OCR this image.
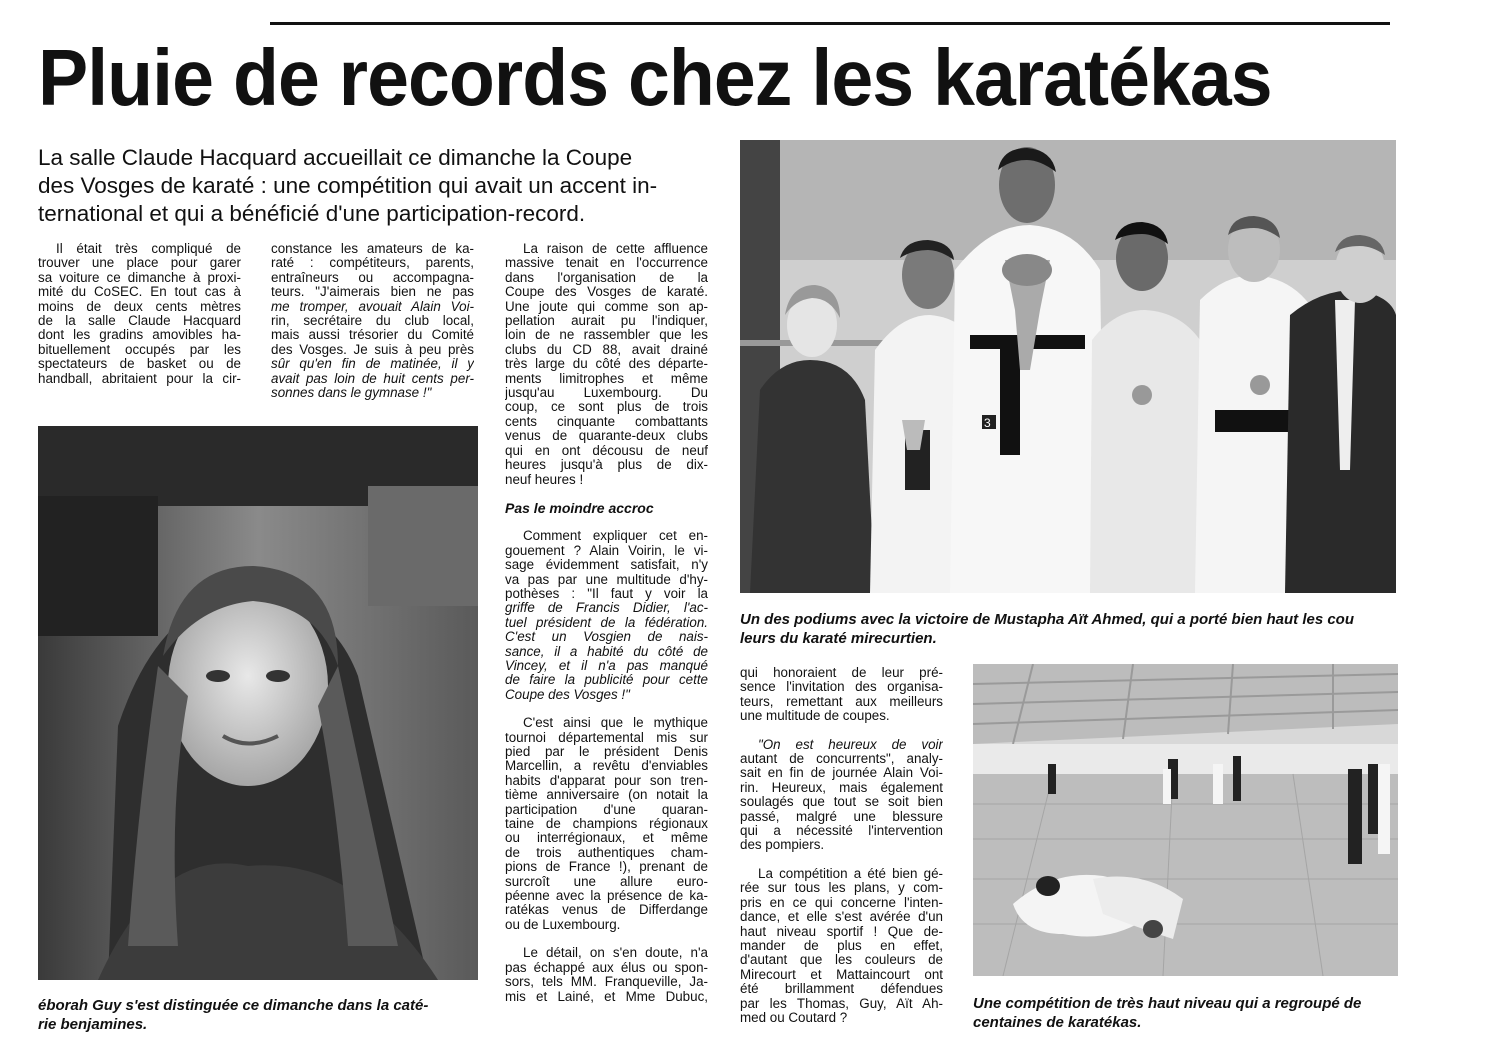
Pluie de records chez les karatékas
La salle Claude Hacquard accueillait ce dimanche la Coupe
des Vosges de karaté : une compétition qui avait un accent in-
ternational et qui a bénéficié d'une participation-record.
Il était très compliqué de
trouver une place pour garer
sa voiture ce dimanche à proxi-
mité du CoSEC. En tout cas à
moins de deux cents mètres
de la salle Claude Hacquard
dont les gradins amovibles ha-
bituellement occupés par les
spectateurs de basket ou de
handball, abritaient pour la cir-
constance les amateurs de ka-
raté : compétiteurs, parents,
entraîneurs ou accompagna-
teurs. "J'aimerais bien ne pas
me tromper, avouait Alain Voi-
rin, secrétaire du club local,
mais aussi trésorier du Comité
des Vosges. Je suis à peu près
sûr qu'en fin de matinée, il y
avait pas loin de huit cents per-
sonnes dans le gymnase !"
éborah Guy s'est distinguée ce dimanche dans la caté-
rie benjamines.
La raison de cette affluence
massive tenait en l'occurrence
dans l'organisation de la
Coupe des Vosges de karaté.
Une joute qui comme son ap-
pellation aurait pu l'indiquer,
loin de ne rassembler que les
clubs du CD 88, avait drainé
très large du côté des départe-
ments limitrophes et même
jusqu'au Luxembourg. Du
coup, ce sont plus de trois
cents cinquante combattants
venus de quarante-deux clubs
qui en ont décousu de neuf
heures jusqu'à plus de dix-
neuf heures !
Pas le moindre accroc
Comment expliquer cet en-
gouement ? Alain Voirin, le vi-
sage évidemment satisfait, n'y
va pas par une multitude d'hy-
pothèses : "Il faut y voir la
griffe de Francis Didier, l'ac-
tuel président de la fédération.
C'est un Vosgien de nais-
sance, il a habité du côté de
Vincey, et il n'a pas manqué
de faire la publicité pour cette
Coupe des Vosges !"
C'est ainsi que le mythique
tournoi départemental mis sur
pied par le président Denis
Marcellin, a revêtu d'enviables
habits d'apparat pour son tren-
tième anniversaire (on notait la
participation d'une quaran-
taine de champions régionaux
ou interrégionaux, et même
de trois authentiques cham-
pions de France !), prenant de
surcroît une allure euro-
péenne avec la présence de ka-
ratékas venus de Differdange
ou de Luxembourg.
Le détail, on s'en doute, n'a
pas échappé aux élus ou spon-
sors, tels MM. Franqueville, Ja-
mis et Lainé, et Mme Dubuc,
3
Un des podiums avec la victoire de Mustapha Aït Ahmed, qui a porté bien haut les cou
leurs du karaté mirecurtien.
qui honoraient de leur pré-
sence l'invitation des organisa-
teurs, remettant aux meilleurs
une multitude de coupes.
"On est heureux de voir
autant de concurrents", analy-
sait en fin de journée Alain Voi-
rin. Heureux, mais également
soulagés que tout se soit bien
passé, malgré une blessure
qui a nécessité l'intervention
des pompiers.
La compétition a été bien gé-
rée sur tous les plans, y com-
pris en ce qui concerne l'inten-
dance, et elle s'est avérée d'un
haut niveau sportif ! Que de-
mander de plus en effet,
d'autant que les couleurs de
Mirecourt et Mattaincourt ont
été brillamment défendues
par les Thomas, Guy, Aït Ah-
med ou Coutard ?
Une compétition de très haut niveau qui a regroupé de
centaines de karatékas.
